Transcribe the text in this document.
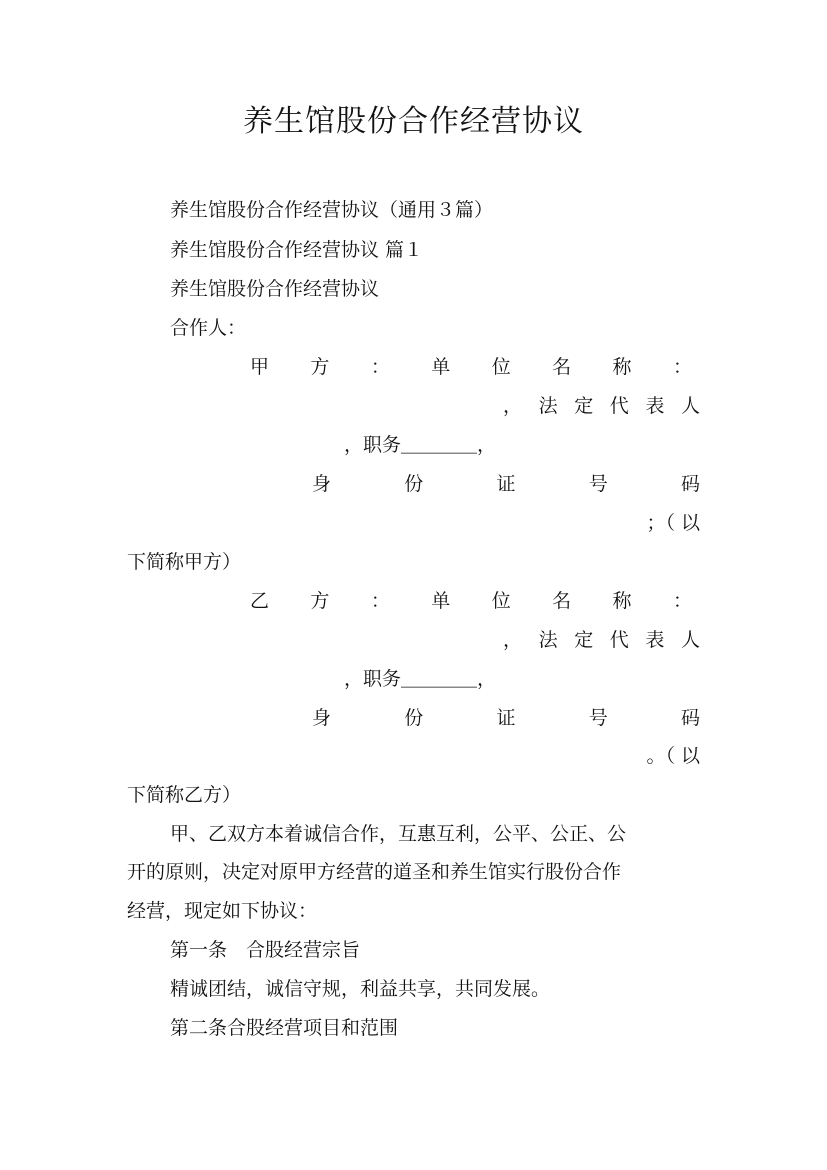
养生馆股份合作经营协议
养生馆股份合作经营协议（通用３篇）
养生馆股份合作经营协议 篇１
养生馆股份合作经营协议
合作人：
甲 方 ： 单 位 名 称 ：
， 法 定 代 表 人
，职务＿＿＿＿，
身	份	证	号	码
；（ 以
下简称甲方）
乙 方 ： 单 位 名 称 ：
， 法 定 代 表 人
，职务＿＿＿＿，
身	份	证	号	码
。（ 以
下简称乙方）
甲、乙双方本着诚信合作，互惠互利，公平、公正、公
开的原则，决定对原甲方经营的道圣和养生馆实行股份合作
经营，现定如下协议：
第一条　合股经营宗旨
精诚团结，诚信守规，利益共享，共同发展。
第二条合股经营项目和范围
